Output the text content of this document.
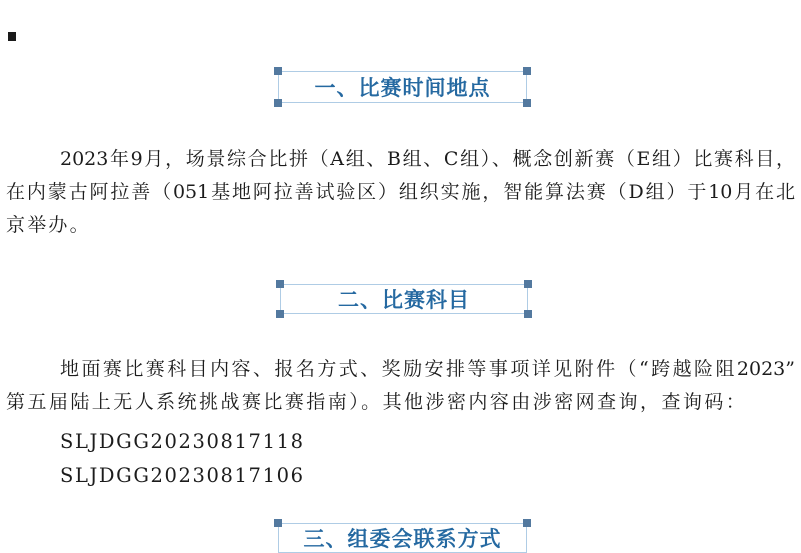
一、比赛时间地点
2023年9月，场景综合比拼（A组、B组、C组）、概念创新赛（E组）比赛科目，
在内蒙古阿拉善（051基地阿拉善试验区）组织实施，智能算法赛（D组）于10月在北
京举办。
二、比赛科目
地面赛比赛科目内容、报名方式、奖励安排等事项详见附件（“跨越险阻2023”
第五届陆上无人系统挑战赛比赛指南）。其他涉密内容由涉密网查询，查询码：
SLJDGG20230817118
SLJDGG20230817106
三、组委会联系方式
